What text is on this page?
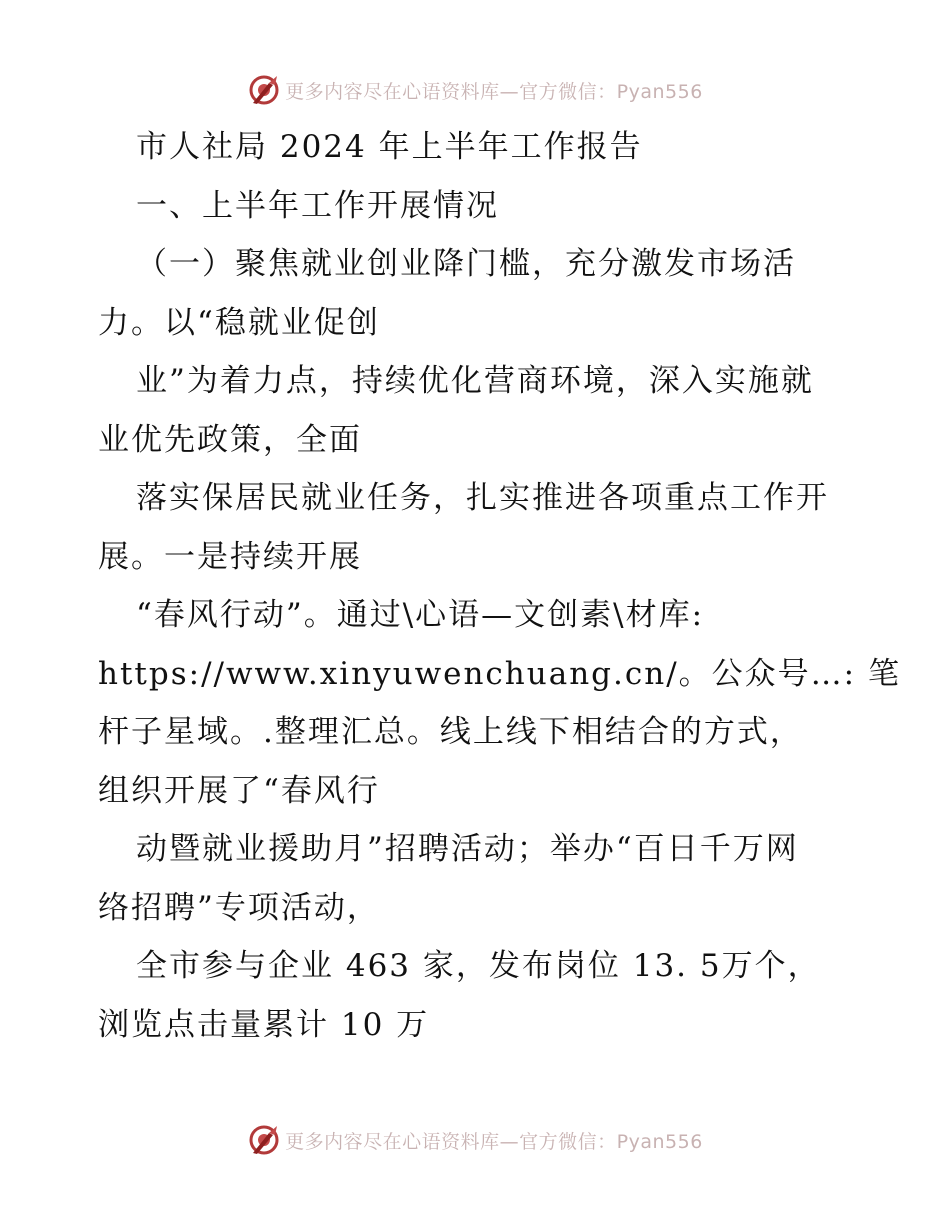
更多内容尽在心语资料库—官方微信：Pyan556
市人社局 2024 年上半年工作报告
一、上半年工作开展情况
（一）聚焦就业创业降门槛，充分激发市场活
力。以“稳就业促创
业”为着力点，持续优化营商环境，深入实施就
业优先政策，全面
落实保居民就业任务，扎实推进各项重点工作开
展。一是持续开展
“春风行动”。通过\心语—文创素\材库:
https://www.xinyuwenchuang.cn/。公众号…: 笔
杆子星域。.整理汇总。线上线下相结合的方式，
组织开展了“春风行
动暨就业援助月”招聘活动；举办“百日千万网
络招聘”专项活动，
全市参与企业 463 家，发布岗位 13. 5万个，
浏览点击量累计 10 万
更多内容尽在心语资料库—官方微信：Pyan556
